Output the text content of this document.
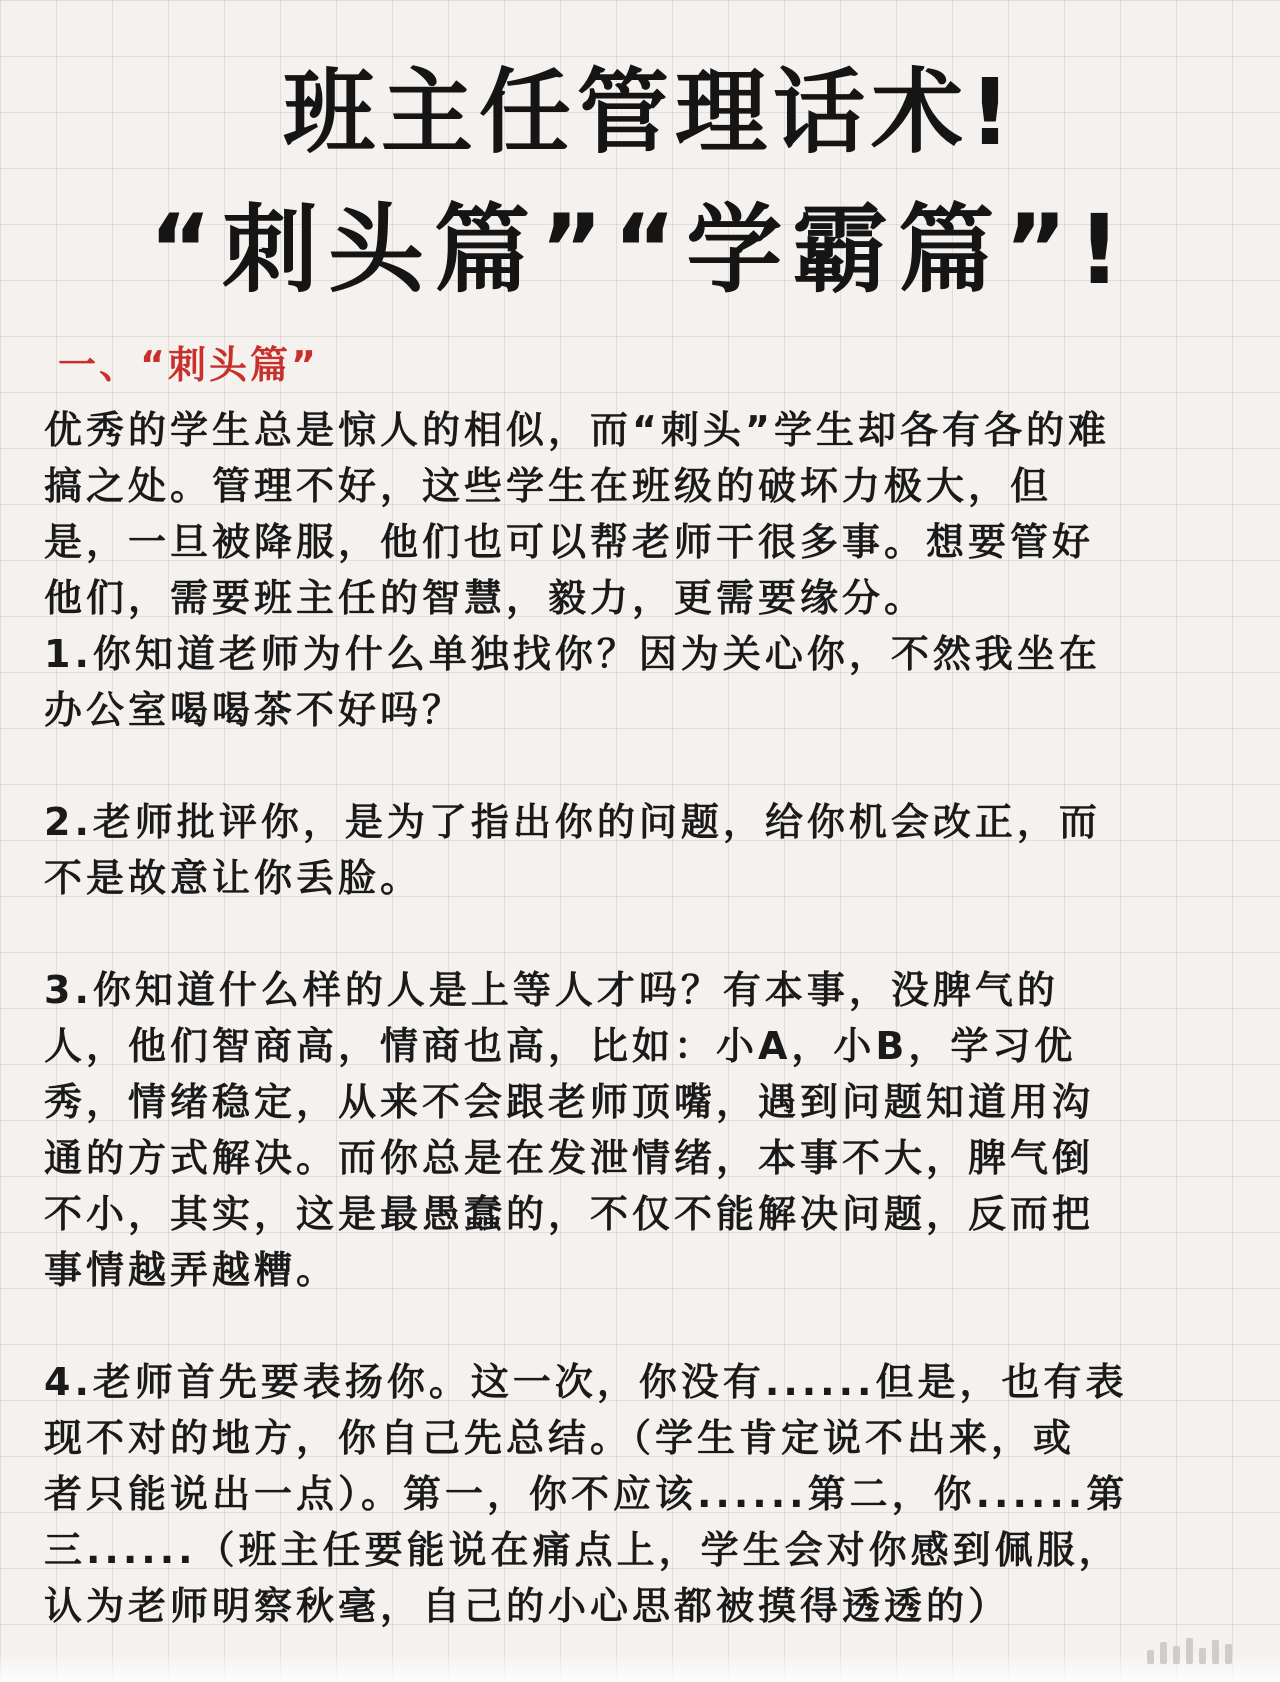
班主任管理话术!
“刺头篇”“学霸篇”!
一、“刺头篇”
优秀的学生总是惊人的相似，而“刺头”学生却各有各的难
搞之处。管理不好，这些学生在班级的破坏力极大，但
是，一旦被降服，他们也可以帮老师干很多事。想要管好
他们，需要班主任的智慧，毅力，更需要缘分。
1.你知道老师为什么单独找你？因为关心你，不然我坐在
办公室喝喝茶不好吗？
2.老师批评你，是为了指出你的问题，给你机会改正，而
不是故意让你丢脸。
3.你知道什么样的人是上等人才吗？有本事，没脾气的
人，他们智商高，情商也高，比如：小A，小B，学习优
秀，情绪稳定，从来不会跟老师顶嘴，遇到问题知道用沟
通的方式解决。而你总是在发泄情绪，本事不大，脾气倒
不小，其实，这是最愚蠢的，不仅不能解决问题，反而把
事情越弄越糟。
4.老师首先要表扬你。这一次，你没有......但是，也有表
现不对的地方，你自己先总结。（学生肯定说不出来，或
者只能说出一点）。第一，你不应该......第二，你......第
三......（班主任要能说在痛点上，学生会对你感到佩服，
认为老师明察秋毫，自己的小心思都被摸得透透的）
